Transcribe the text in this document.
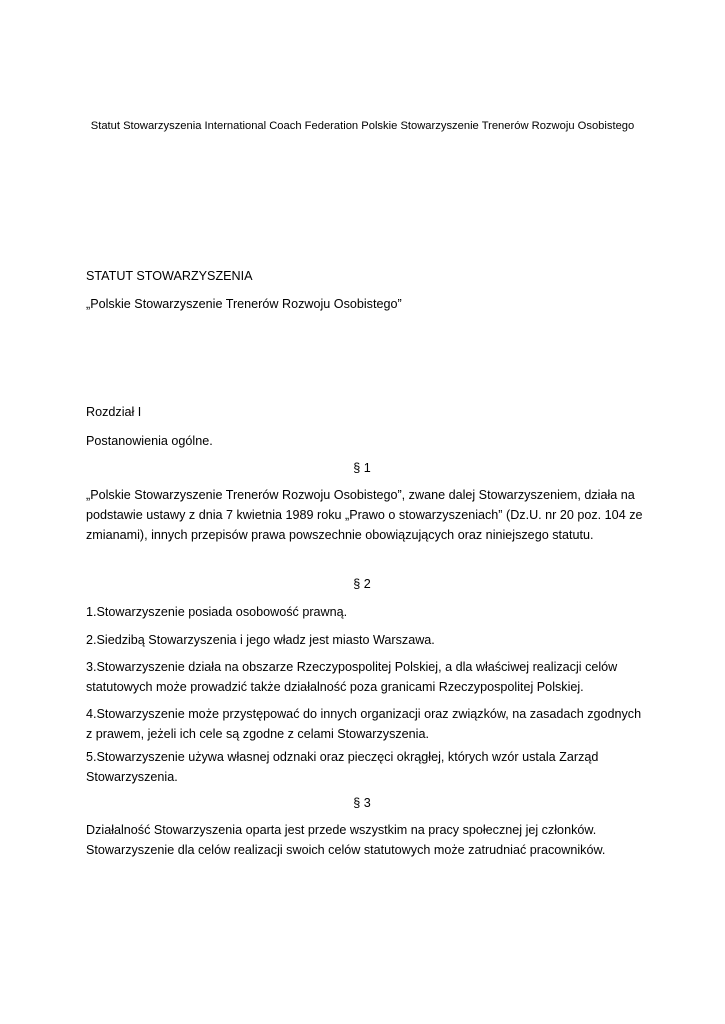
Statut Stowarzyszenia International Coach Federation Polskie Stowarzyszenie Trenerów Rozwoju Osobistego
STATUT STOWARZYSZENIA
„Polskie Stowarzyszenie Trenerów Rozwoju Osobistego”
Rozdział I
Postanowienia ogólne.
§ 1
„Polskie Stowarzyszenie Trenerów Rozwoju Osobistego”, zwane dalej Stowarzyszeniem, działa na podstawie ustawy z dnia 7 kwietnia 1989 roku „Prawo o stowarzyszeniach” (Dz.U. nr 20 poz. 104 ze zmianami), innych przepisów prawa powszechnie obowiązujących oraz niniejszego statutu.
§ 2
1.Stowarzyszenie posiada osobowość prawną.
2.Siedzibą Stowarzyszenia i jego władz jest miasto Warszawa.
3.Stowarzyszenie działa na obszarze Rzeczypospolitej Polskiej, a dla właściwej realizacji celów statutowych może prowadzić także działalność poza granicami Rzeczypospolitej Polskiej.
4.Stowarzyszenie może przystępować do innych organizacji oraz związków, na zasadach zgodnych z prawem, jeżeli ich cele są zgodne z celami Stowarzyszenia.
5.Stowarzyszenie używa własnej odznaki oraz pieczęci okrągłej, których wzór ustala Zarząd Stowarzyszenia.
§ 3
Działalność Stowarzyszenia oparta jest przede wszystkim na pracy społecznej jej członków. Stowarzyszenie dla celów realizacji swoich celów statutowych może zatrudniać pracowników.
